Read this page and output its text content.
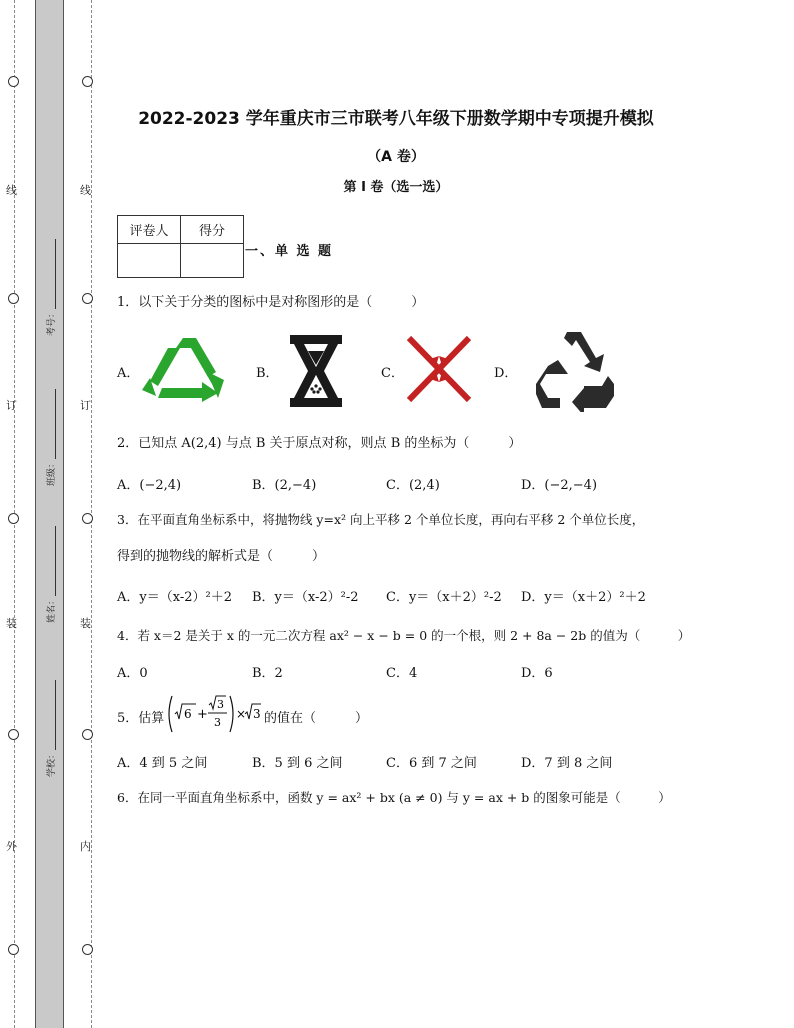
线
订
装
外
线
订
装
内
考号：
班级：
姓名：
学校：
2022-2023 学年重庆市三市联考八年级下册数学期中专项提升模拟
（A 卷）
第 I 卷（选一选）
评卷人	得分

一、单 选 题
1．以下关于分类的图标中是对称图形的是（　　　）
A．	B．	C．	D．
2．已知点 A(2,4) 与点 B 关于原点对称，则点 B 的坐标为（　　　）
A．(−2,4)	B．(2,−4)	C．(2,4)	D．(−2,−4)
3．在平面直角坐标系中，将抛物线 y=x² 向上平移 2 个单位长度，再向右平移 2 个单位长度，
得到的抛物线的解析式是（　　　）
A．y＝（x-2）²＋2 B．y＝（x-2）²-2 C．y＝（x＋2）²-2 D．y＝（x＋2）²＋2
4．若 x＝2 是关于 x 的一元二次方程 ax² − x − b = 0 的一个根，则 2 + 8a − 2b 的值为（　　　）
A．0	B．2	C．4	D．6
5．估算 6 +
3
3
× 3 的值在（　　　）
A．4 到 5 之间	B．5 到 6 之间	C．6 到 7 之间	D．7 到 8 之间
6．在同一平面直角坐标系中，函数 y = ax² + bx (a ≠ 0) 与 y = ax + b 的图象可能是（　　　）
